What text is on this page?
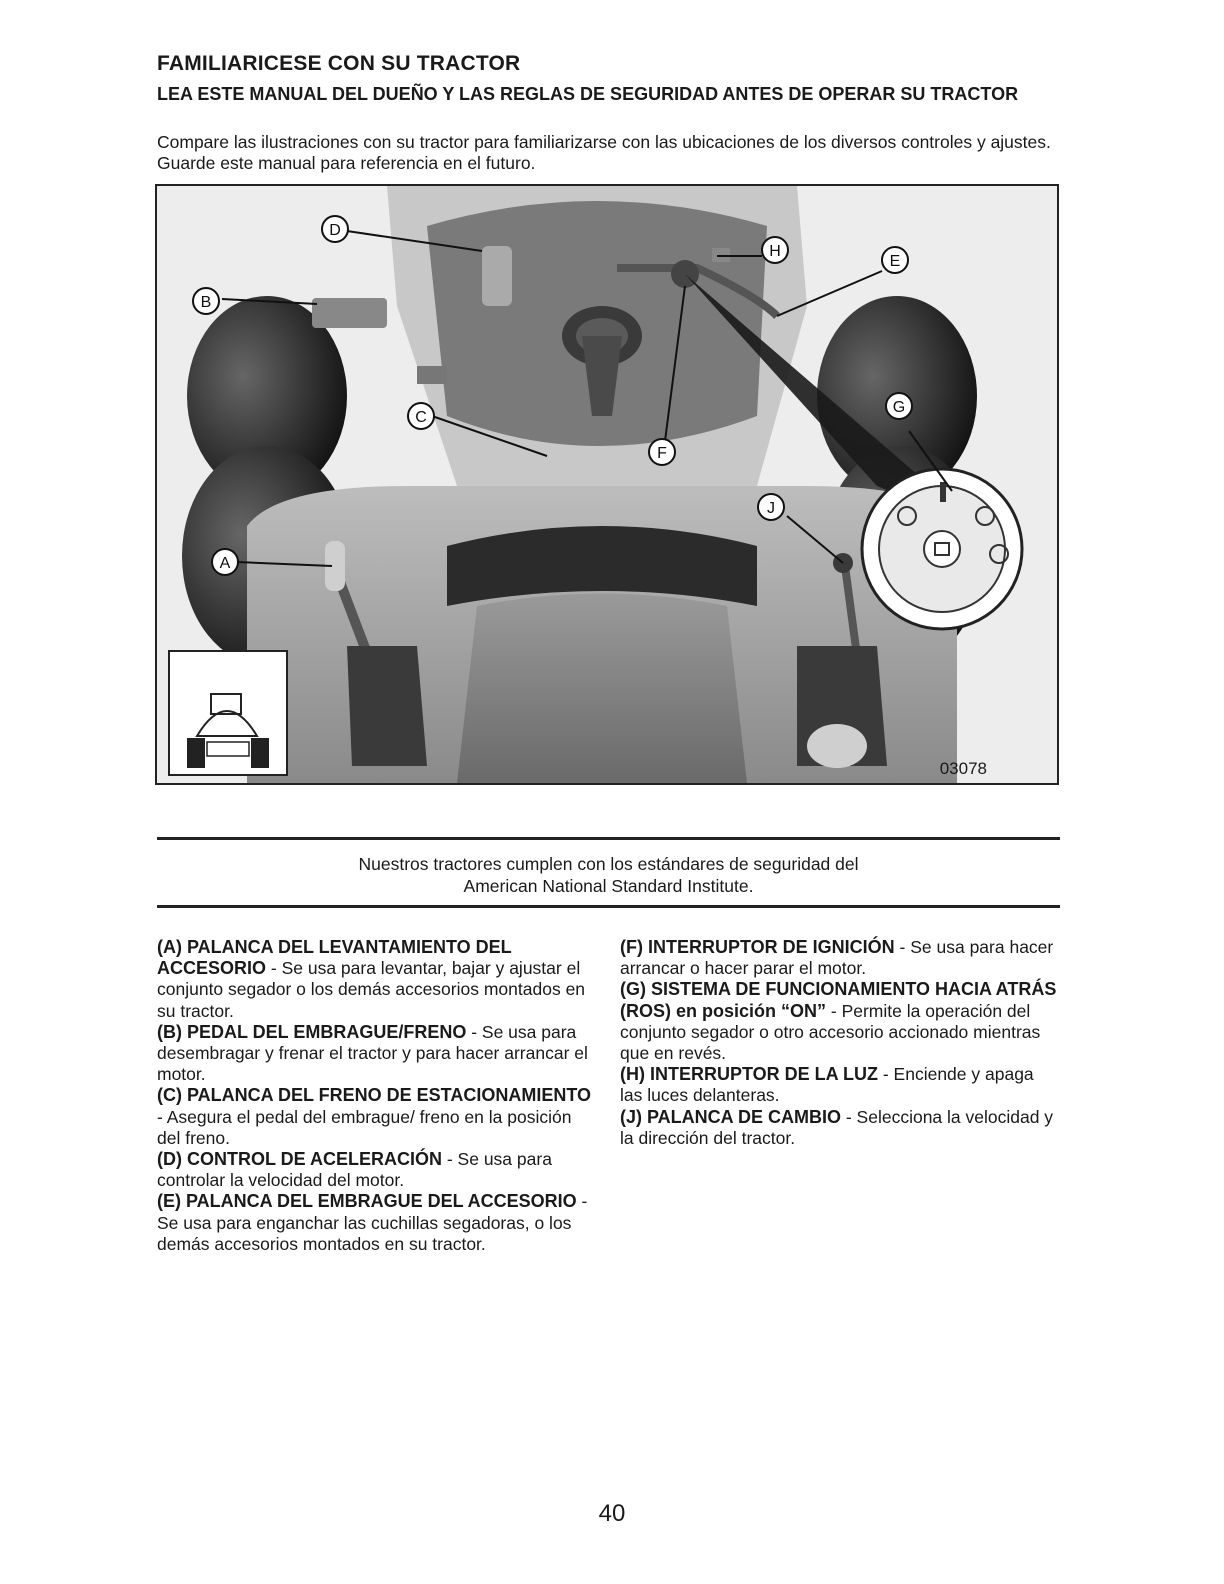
FAMILIARICESE CON SU TRACTOR
LEA ESTE MANUAL DEL DUEÑO Y LAS REGLAS DE SEGURIDAD ANTES DE OPERAR SU TRACTOR
Compare las ilustraciones con su tractor para familiarizarse con las ubicaciones de los diversos controles y ajustes. Guarde este manual para referencia en el futuro.
D
B
C
A
E
H
F
G
J
03078
Nuestros tractores cumplen con los estándares de seguridad del
American National Standard Institute.

(A) PALANCA DEL LEVANTAMIENTO DEL ACCESORIO - Se usa para levantar, bajar y ajustar el conjunto segador o los demás accesorios montados en su tractor.

(B) PEDAL DEL EMBRAGUE/FRENO - Se usa para desembragar y frenar el tractor y para hacer arrancar el motor.

(C) PALANCA DEL FRENO DE ESTACIONAMIENTO - Asegura el pedal del embrague/ freno en la posición del freno.

(D) CONTROL DE ACELERACIÓN - Se usa para controlar la velocidad del motor.

(E) PALANCA DEL EMBRAGUE DEL ACCESORIO - Se usa para enganchar las cuchillas segadoras, o los demás accesorios montados en su tractor.

(F) INTERRUPTOR DE IGNICIÓN - Se usa para hacer arrancar o hacer parar el motor.

(G) SISTEMA DE FUNCIONAMIENTO HACIA ATRÁS (ROS) en posición “ON” - Permite la operación del conjunto segador o otro accesorio accionado mientras que en revés.

(H) INTERRUPTOR DE LA LUZ - Enciende y apaga las luces delanteras.

(J) PALANCA DE CAMBIO - Selecciona la velocidad y la dirección del tractor.

40
